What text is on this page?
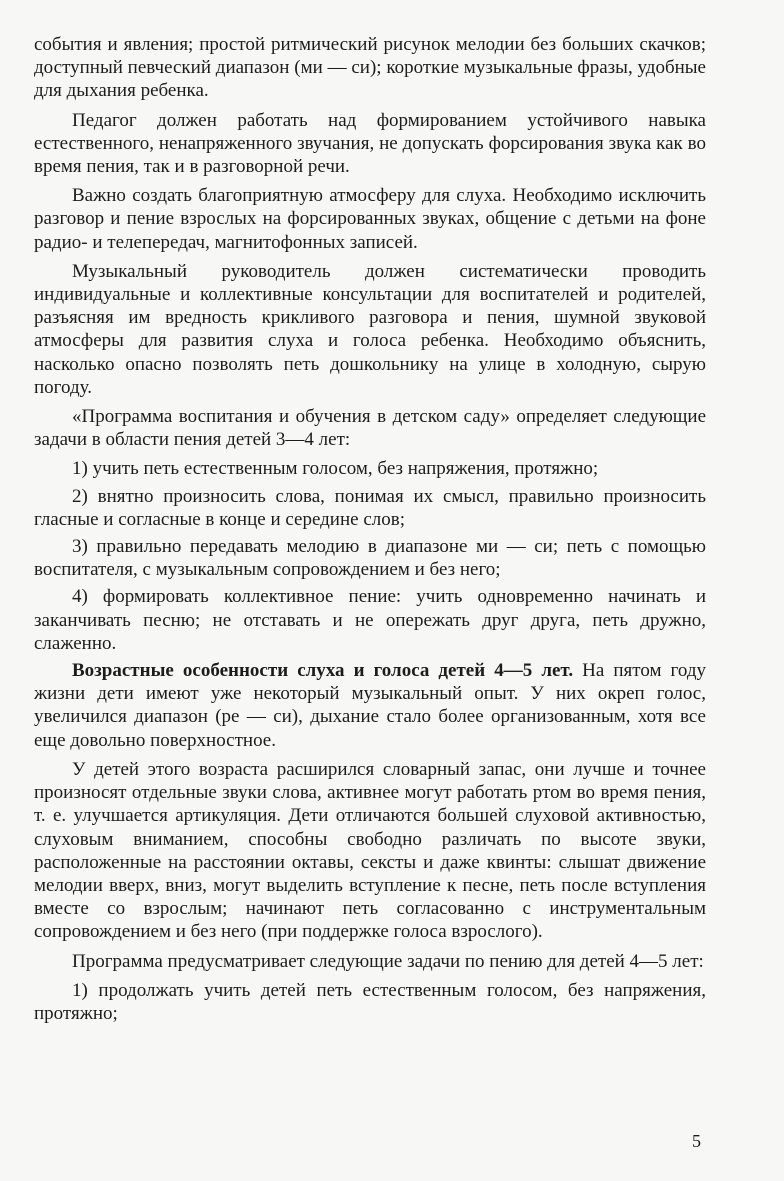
события и явления; простой ритмический рисунок мелодии без больших скачков; доступный певческий диапазон (ми — си); короткие музыкальные фразы, удобные для дыхания ребенка.

Педагог должен работать над формированием устойчивого навыка естественного, ненапряженного звучания, не допускать форсирования звука как во время пения, так и в разговорной речи.

Важно создать благоприятную атмосферу для слуха. Необходимо исключить разговор и пение взрослых на форсированных звуках, общение с детьми на фоне радио- и телепередач, магнитофонных записей.

Музыкальный руководитель должен систематически проводить индивидуальные и коллективные консультации для воспитателей и родителей, разъясняя им вредность крикливого разговора и пения, шумной звуковой атмосферы для развития слуха и голоса ребенка. Необходимо объяснить, насколько опасно позволять петь дошкольнику на улице в холодную, сырую погоду.

«Программа воспитания и обучения в детском саду» определяет следующие задачи в области пения детей 3—4 лет:

1) учить петь естественным голосом, без напряжения, протяжно;

2) внятно произносить слова, понимая их смысл, правильно произносить гласные и согласные в конце и середине слов;

3) правильно передавать мелодию в диапазоне ми — си; петь с помощью воспитателя, с музыкальным сопровождением и без него;

4) формировать коллективное пение: учить одновременно начинать и заканчивать песню; не отставать и не опережать друг друга, петь дружно, слаженно.

Возрастные особенности слуха и голоса детей 4—5 лет. На пятом году жизни дети имеют уже некоторый музыкальный опыт. У них окреп голос, увеличился диапазон (ре — си), дыхание стало более организованным, хотя все еще довольно поверхностное.

У детей этого возраста расширился словарный запас, они лучше и точнее произносят отдельные звуки слова, активнее могут работать ртом во время пения, т. е. улучшается артикуляция. Дети отличаются большей слуховой активностью, слуховым вниманием, способны свободно различать по высоте звуки, расположенные на расстоянии октавы, сексты и даже квинты: слышат движение мелодии вверх, вниз, могут выделить вступление к песне, петь после вступления вместе со взрослым; начинают петь согласованно с инструментальным сопровождением и без него (при поддержке голоса взрослого).

Программа предусматривает следующие задачи по пению для детей 4—5 лет:

1) продолжать учить детей петь естественным голосом, без напряжения, протяжно;

5
